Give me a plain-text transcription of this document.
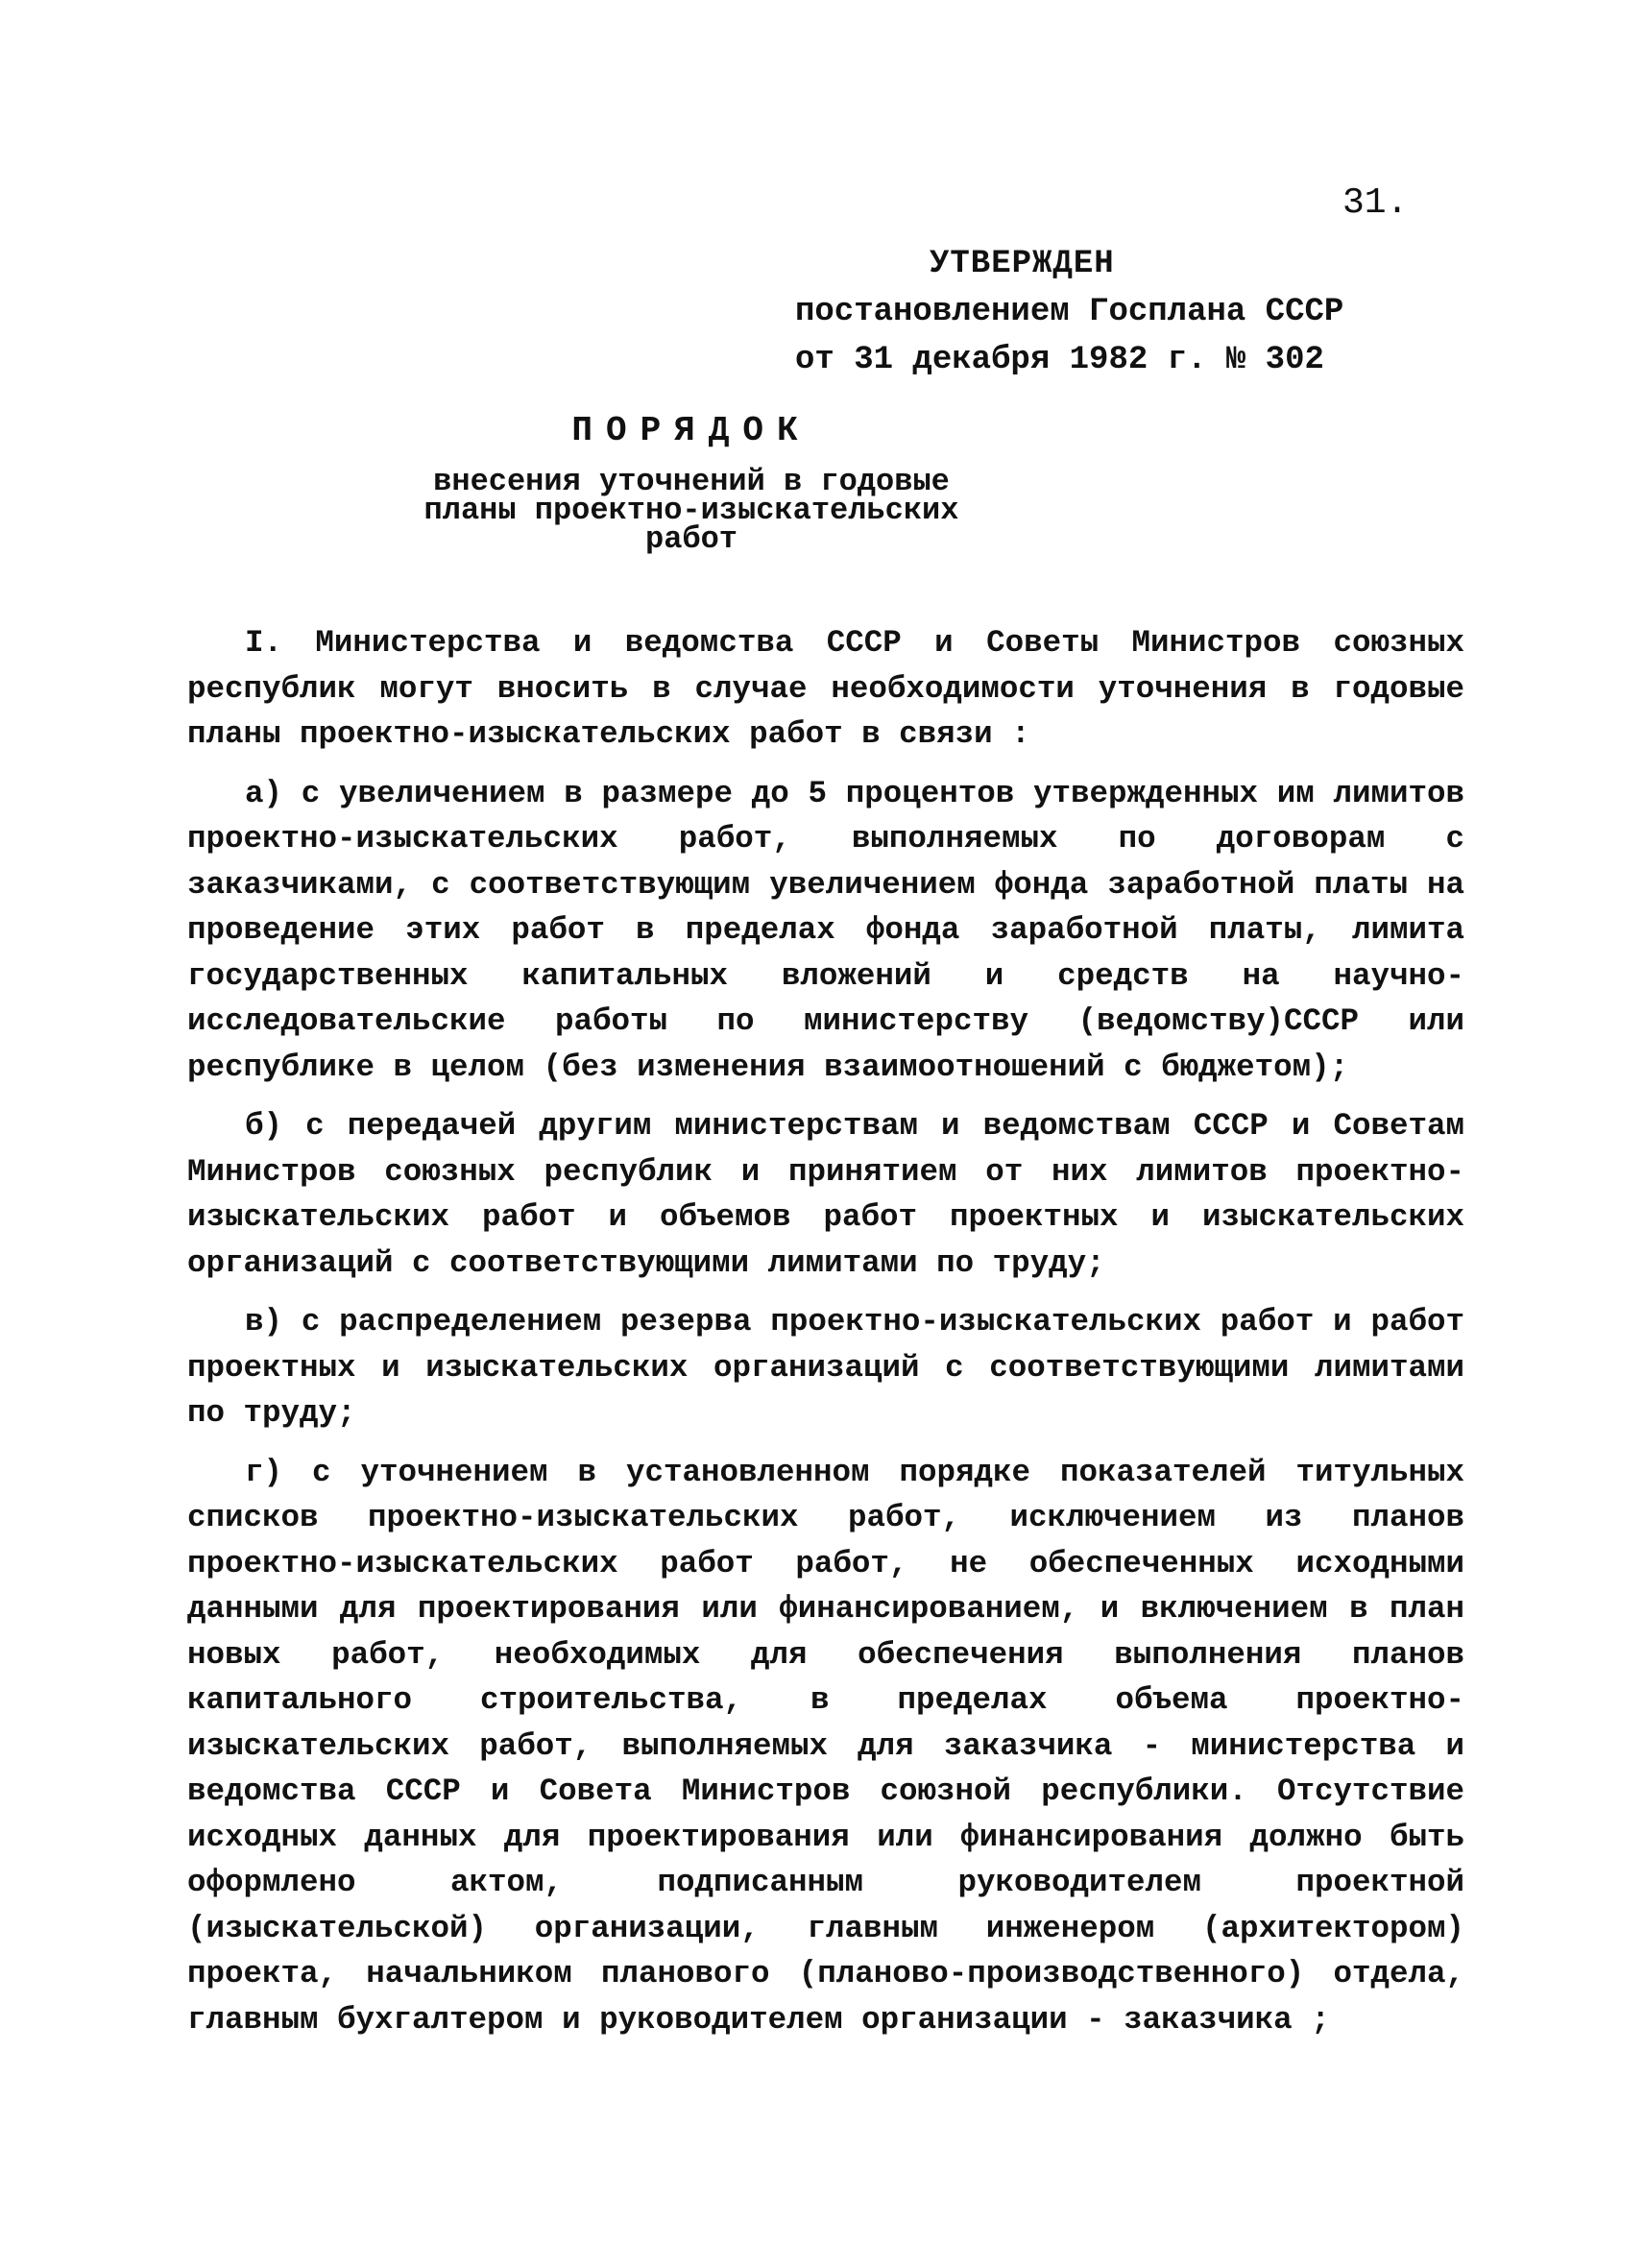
31.
УТВЕРЖДЕН
постановлением Госплана СССР
от 31 декабря 1982 г. № 302
ПОРЯДОК
внесения уточнений в годовые
планы проектно-изыскательских
работ

I. Министерства и ведомства СССР и Советы Министров союзных республик могут вносить в случае необходимости уточнения в годовые планы проектно-изыскательских работ в связи :

а) с увеличением в размере до 5 процентов утвержденных им лимитов проектно-изыскательских работ, выполняемых по договорам с заказчиками, с соответствующим увеличением фонда заработной платы на проведение этих работ в пределах фонда заработной платы, лимита государственных капитальных вложений и средств на научно-исследовательские работы по министерству (ведомству)СССР или республике в целом (без изменения взаимоотношений с бюджетом);

б) с передачей другим министерствам и ведомствам СССР и Советам Министров союзных республик и принятием от них лимитов проектно-изыскательских работ и объемов работ проектных и изыскательских организаций с соответствующими лимитами по труду;

в) с распределением резерва проектно-изыскательских работ и работ проектных и изыскательских организаций с соответствующими лимитами по труду;

г) с уточнением в установленном порядке показателей титульных списков проектно-изыскательских работ, исключением из планов проектно-изыскательских работ работ, не обеспеченных исходными данными для проектирования или финансированием, и включением в план новых работ, необходимых для обеспечения выполнения планов капитального строительства, в пределах объема проектно-изыскательских работ, выполняемых для заказчика - министерства и ведомства СССР и Совета Министров союзной республики. Отсутствие исходных данных для проектирования или финансирования должно быть оформлено актом, подписанным руководителем проектной (изыскательской) организации, главным инженером (архитектором) проекта, начальником планового (планово-производственного) отдела, главным бухгалтером и руководителем организации - заказчика ;
